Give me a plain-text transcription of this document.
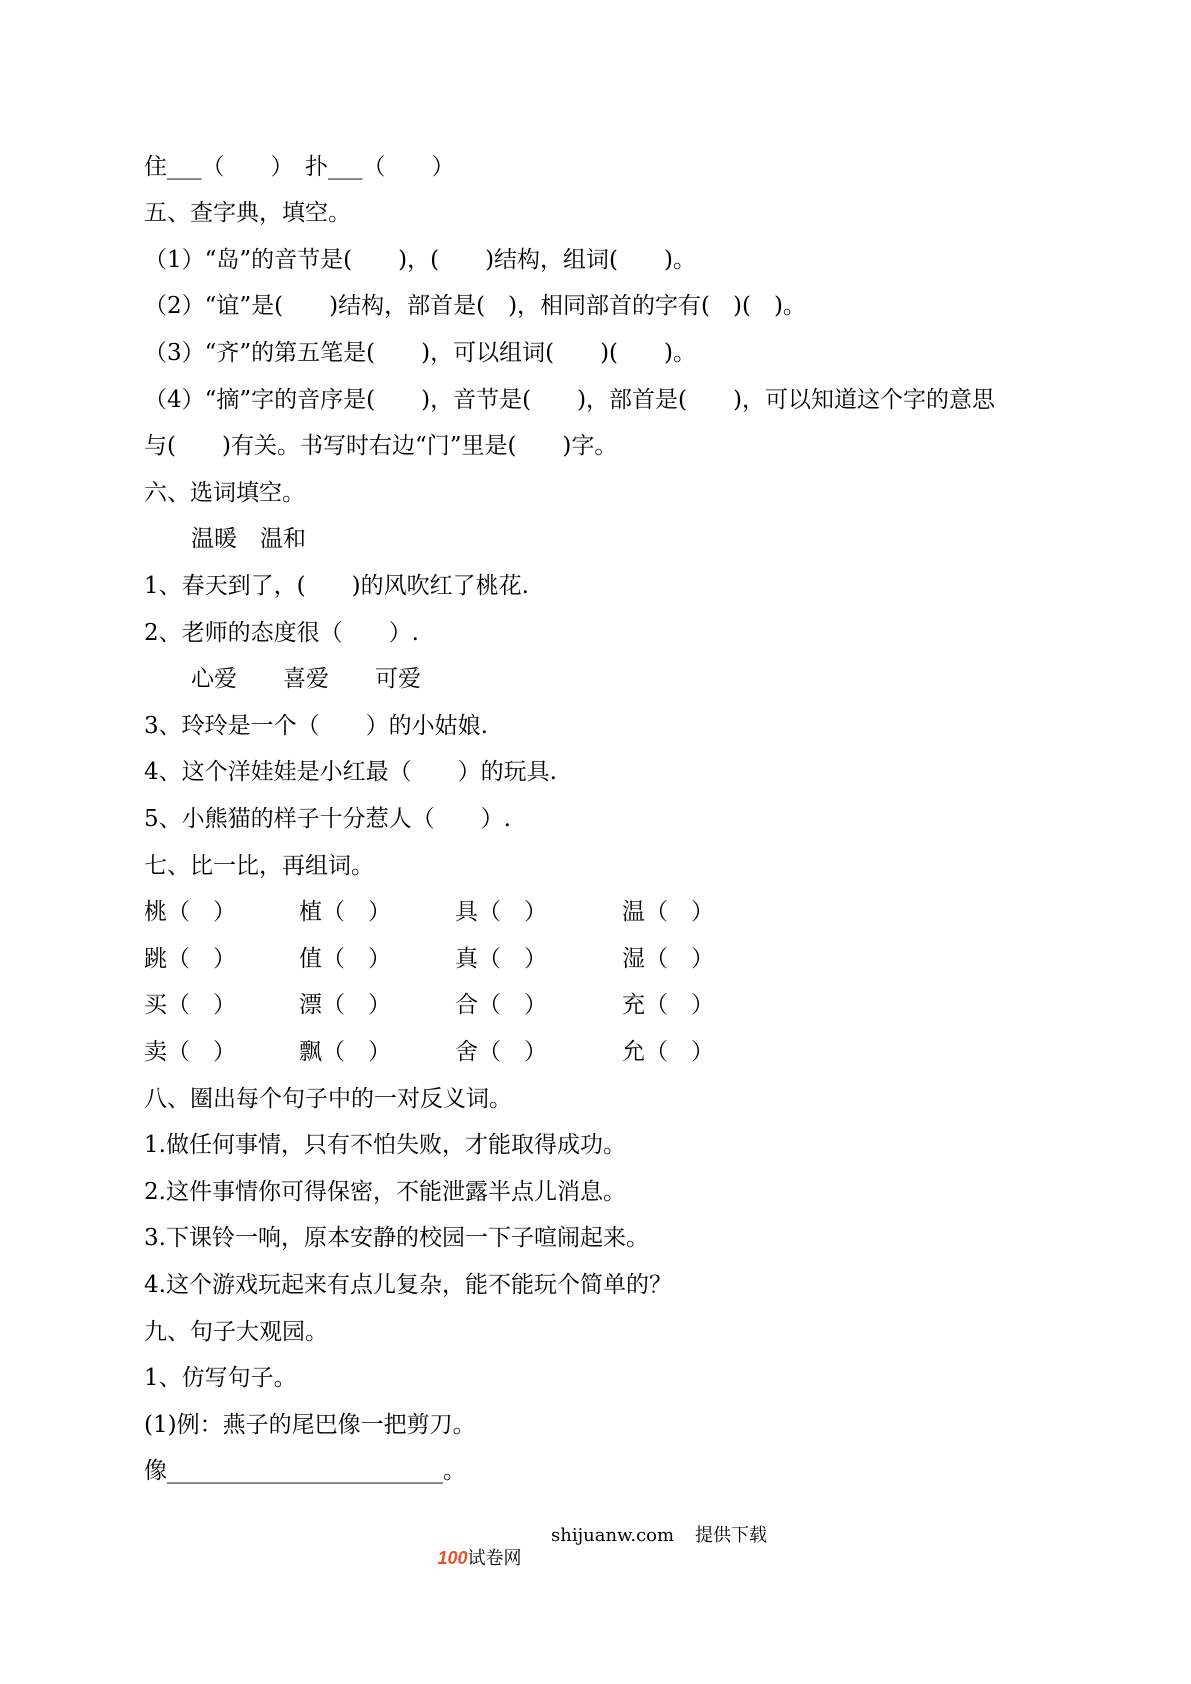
住___（　　）　扑___（　　）
五、查字典，填空。
（1）“岛”的音节是(　　)，(　　)结构，组词(　　)。
（2）“谊”是(　　)结构，部首是(　)，相同部首的字有(　)(　)。
（3）“齐”的第五笔是(　　)，可以组词(　　)(　　)。
（4）“摘”字的音序是(　　)，音节是(　　)，部首是(　　)，可以知道这个字的意思
与(　　)有关。书写时右边“门”里是(　　)字。
六、选词填空。
温暖　温和
1、春天到了，(　　)的风吹红了桃花.
2、老师的态度很（　　）.
心爱　　喜爱　　可爱
3、玲玲是一个（　　）的小姑娘.
4、这个洋娃娃是小红最（　　）的玩具.
5、小熊猫的样子十分惹人（　　）.
七、比一比，再组词。
桃（　）	植（　）	具（　）	温（　）
跳（　）	值（　）	真（　）	湿（　）
买（　）	漂（　）	合（　）	充（　）
卖（　）	飘（　）	舍（　）	允（　）
八、圈出每个句子中的一对反义词。
1.做任何事情，只有不怕失败，才能取得成功。
2.这件事情你可得保密，不能泄露半点儿消息。
3.下课铃一响，原本安静的校园一下子喧闹起来。
4.这个游戏玩起来有点儿复杂，能不能玩个简单的？
九、句子大观园。
1、仿写句子。
(1)例：燕子的尾巴像一把剪刀。
像________________________。

100试卷网

shijuanw.com 提供下载
